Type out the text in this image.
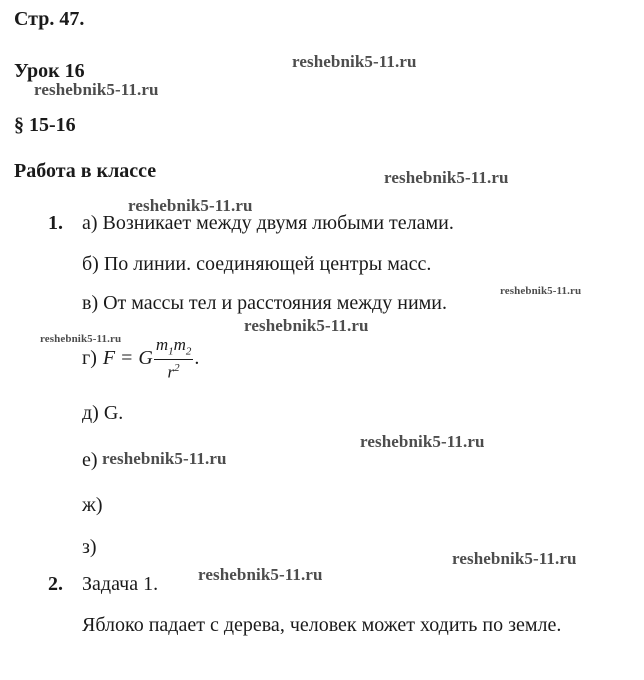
Стр. 47.
Урок 16
§ 15-16
Работа в классе
1. а) Возникает между двумя любыми телами.
б) По линии. соединяющей центры масс.
в) От массы тел и расстояния между ними.
г) F = G $\frac{m_1m_2}{r^2}$ .
д) G.
е)
ж)
з)
2. Задача 1.
Яблоко падает с дерева, человек может ходить по земле.
reshebnik5-11.ru
reshebnik5-11.ru
reshebnik5-11.ru
reshebnik5-11.ru
reshebnik5-11.ru
reshebnik5-11.ru
reshebnik5-11.ru
reshebnik5-11.ru
reshebnik5-11.ru
reshebnik5-11.ru
reshebnik5-11.ru
